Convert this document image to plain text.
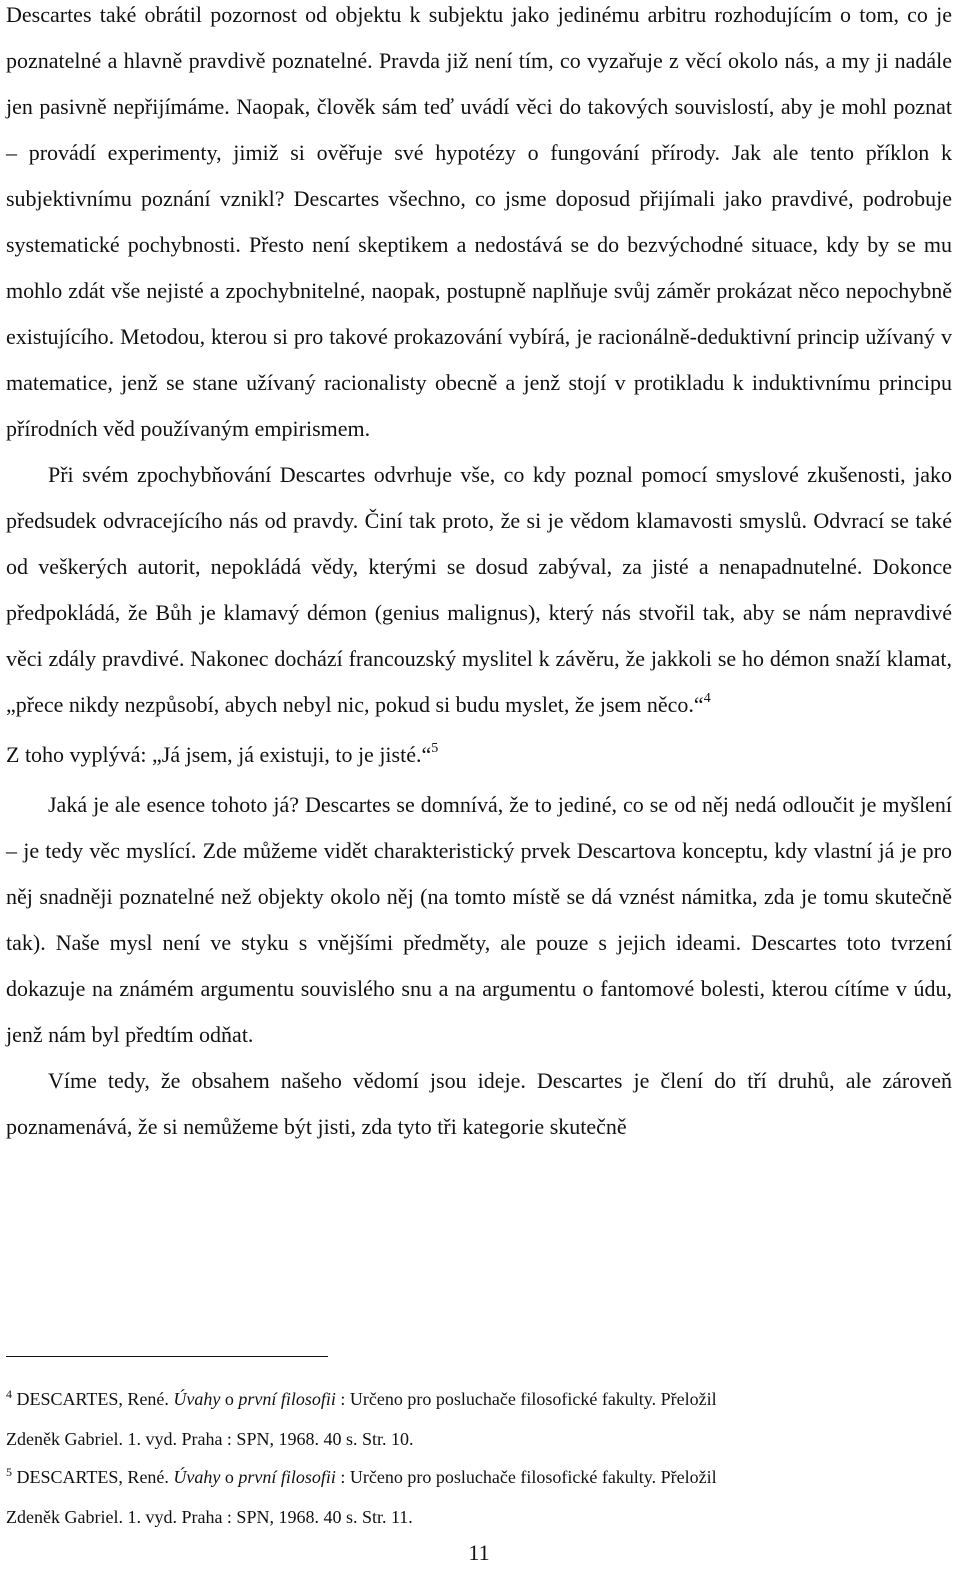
Descartes také obrátil pozornost od objektu k subjektu jako jedinému arbitru rozhodujícím o tom, co je poznatelné a hlavně pravdivě poznatelné. Pravda již není tím, co vyzařuje z věcí okolo nás, a my ji nadále jen pasivně nepřijímáme. Naopak, člověk sám teď uvádí věci do takových souvislostí, aby je mohl poznat – provádí experimenty, jimiž si ověřuje své hypotézy o fungování přírody. Jak ale tento příklon k subjektivnímu poznání vznikl? Descartes všechno, co jsme doposud přijímali jako pravdivé, podrobuje systematické pochybnosti. Přesto není skeptikem a nedostává se do bezvýchodné situace, kdy by se mu mohlo zdát vše nejisté a zpochybnitelné, naopak, postupně naplňuje svůj záměr prokázat něco nepochybně existujícího. Metodou, kterou si pro takové prokazování vybírá, je racionálně-deduktivní princip užívaný v matematice, jenž se stane užívaný racionalisty obecně a jenž stojí v protikladu k induktivnímu principu přírodních věd používaným empirismem.

Při svém zpochybňování Descartes odvrhuje vše, co kdy poznal pomocí smyslové zkušenosti, jako předsudek odvracejícího nás od pravdy. Činí tak proto, že si je vědom klamavosti smyslů. Odvrací se také od veškerých autorit, nepokládá vědy, kterými se dosud zabýval, za jisté a nenapadnutelné. Dokonce předpokládá, že Bůh je klamavý démon (genius malignus), který nás stvořil tak, aby se nám nepravdivé věci zdály pravdivé. Nakonec dochází francouzský myslitel k závěru, že jakkoli se ho démon snaží klamat, „přece nikdy nezpůsobí, abych nebyl nic, pokud si budu myslet, že jsem něco.“$^4$
Z toho vyplývá: „Já jsem, já existuji, to je jisté.“$^5$

Jaká je ale esence tohoto já? Descartes se domnívá, že to jediné, co se od něj nedá odloučit je myšlení – je tedy věc myslící. Zde můžeme vidět charakteristický prvek Descartova konceptu, kdy vlastní já je pro něj snadněji poznatelné než objekty okolo něj (na tomto místě se dá vznést námitka, zda je tomu skutečně tak). Naše mysl není ve styku s vnějšími předměty, ale pouze s jejich ideami. Descartes toto tvrzení dokazuje na známém argumentu souvislého snu a na argumentu o fantomové bolesti, kterou cítíme v údu, jenž nám byl předtím odňat.

Víme tedy, že obsahem našeho vědomí jsou ideje. Descartes je člení do tří druhů, ale zároveň poznamenává, že si nemůžeme být jisti, zda tyto tři kategorie skutečně

$^4$ DESCARTES, René. Úvahy o první filosofii : Určeno pro posluchače filosofické fakulty. Přeložil
Zdeněk Gabriel. 1. vyd. Praha : SPN, 1968. 40 s. Str. 10.

$^5$ DESCARTES, René. Úvahy o první filosofii : Určeno pro posluchače filosofické fakulty. Přeložil
Zdeněk Gabriel. 1. vyd. Praha : SPN, 1968. 40 s. Str. 11.

11
